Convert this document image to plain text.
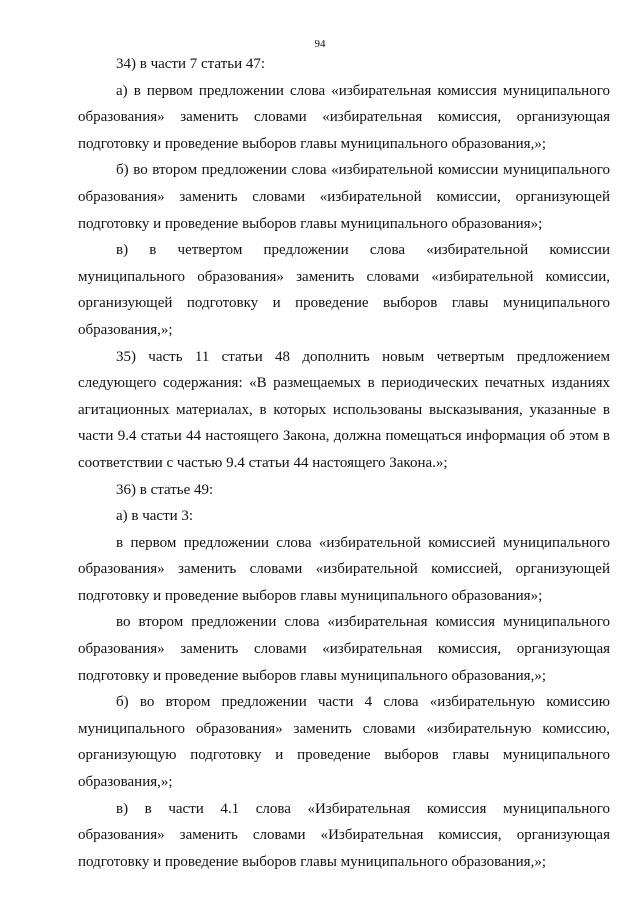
94

34) в части 7 статьи 47:

а) в первом предложении слова «избирательная комиссия муниципального образования» заменить словами «избирательная комиссия, организующая подготовку и проведение выборов главы муниципального образования,»;

б) во втором предложении слова «избирательной комиссии муниципального образования» заменить словами «избирательной комиссии, организующей подготовку и проведение выборов главы муниципального образования»;

в) в четвертом предложении слова «избирательной комиссии муниципального образования» заменить словами «избирательной комиссии, организующей подготовку и проведение выборов главы муниципального образования,»;

35) часть 11 статьи 48 дополнить новым четвертым предложением следующего содержания: «В размещаемых в периодических печатных изданиях агитационных материалах, в которых использованы высказывания, указанные в части 9.4 статьи 44 настоящего Закона, должна помещаться информация об этом в соответствии с частью 9.4 статьи 44 настоящего Закона.»;

36) в статье 49:

а) в части 3:

в первом предложении слова «избирательной комиссией муниципального образования» заменить словами «избирательной комиссией, организующей подготовку и проведение выборов главы муниципального образования»;

во втором предложении слова «избирательная комиссия муниципального образования» заменить словами «избирательная комиссия, организующая подготовку и проведение выборов главы муниципального образования,»;

б) во втором предложении части 4 слова «избирательную комиссию муниципального образования» заменить словами «избирательную комиссию, организующую подготовку и проведение выборов главы муниципального образования,»;

в) в части 4.1 слова «Избирательная комиссия муниципального образования» заменить словами «Избирательная комиссия, организующая подготовку и проведение выборов главы муниципального образования,»;
